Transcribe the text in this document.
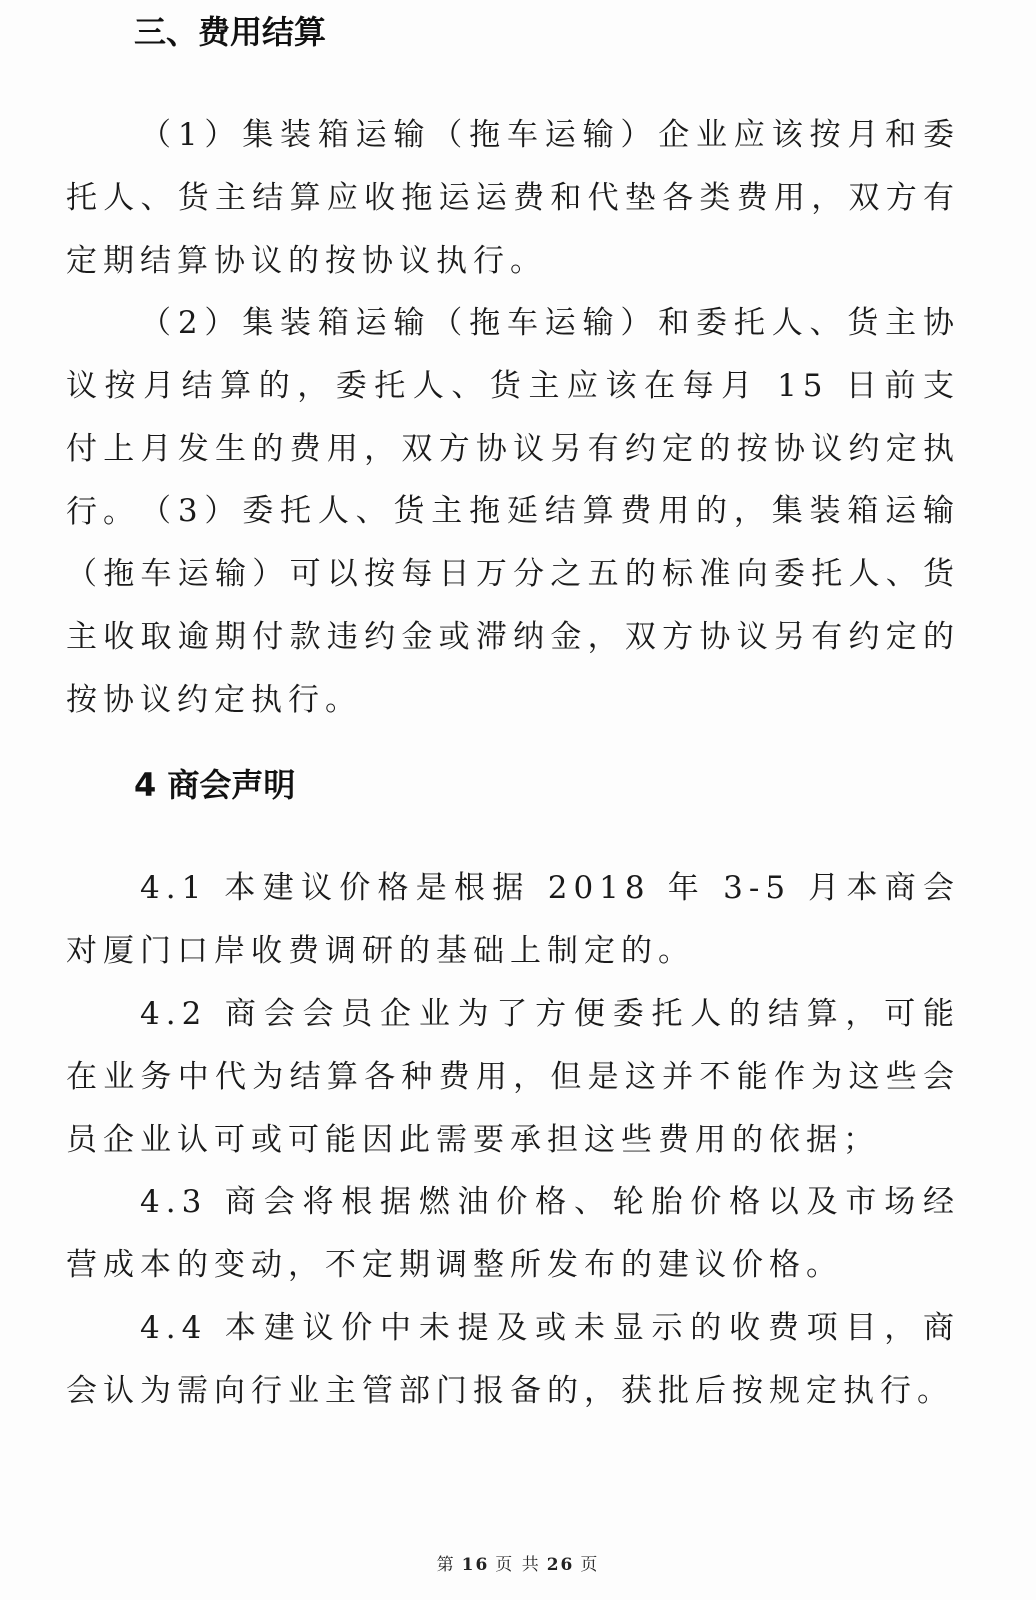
三、费用结算

（1）集装箱运输（拖车运输）企业应该按月和委托人、货主结算应收拖运运费和代垫各类费用，双方有定期结算协议的按协议执行。

（2）集装箱运输（拖车运输）和委托人、货主协议按月结算的，委托人、货主应该在每月 15 日前支付上月发生的费用，双方协议另有约定的按协议约定执行。 （3）委托人、货主拖延结算费用的，集装箱运输（拖车运输）可以按每日万分之五的标准向委托人、货主收取逾期付款违约金或滞纳金，双方协议另有约定的按协议约定执行。

4 商会声明

4.1 本建议价格是根据 2018 年 3-5 月本商会对厦门口岸收费调研的基础上制定的。

4.2 商会会员企业为了方便委托人的结算，可能在业务中代为结算各种费用，但是这并不能作为这些会员企业认可或可能因此需要承担这些费用的依据；

4.3 商会将根据燃油价格、轮胎价格以及市场经营成本的变动，不定期调整所发布的建议价格。

4.4 本建议价中未提及或未显示的收费项目，商会认为需向行业主管部门报备的，获批后按规定执行。

第 16 页 共 26 页
